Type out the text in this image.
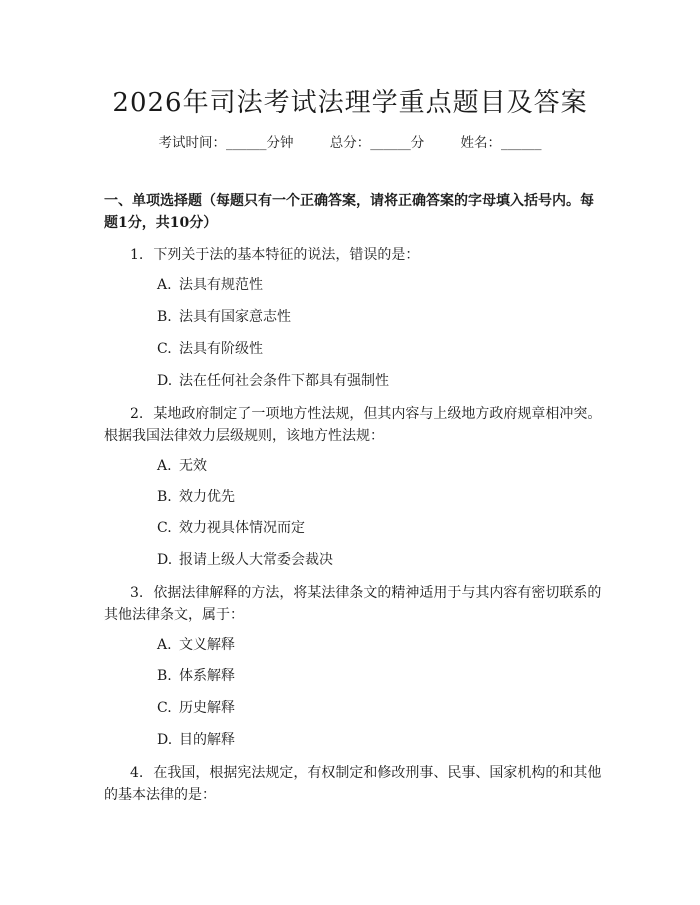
2026年司法考试法理学重点题目及答案
考试时间：______分钟	总分：______分	姓名：______
一、单项选择题（每题只有一个正确答案，请将正确答案的字母填入括号内。每题1分，共10分）
1. 下列关于法的基本特征的说法，错误的是：
A. 法具有规范性
B. 法具有国家意志性
C. 法具有阶级性
D. 法在任何社会条件下都具有强制性
2. 某地政府制定了一项地方性法规，但其内容与上级地方政府规章相冲突。根据我国法律效力层级规则，该地方性法规：
A. 无效
B. 效力优先
C. 效力视具体情况而定
D. 报请上级人大常委会裁决
3. 依据法律解释的方法，将某法律条文的精神适用于与其内容有密切联系的其他法律条文，属于：
A. 文义解释
B. 体系解释
C. 历史解释
D. 目的解释
4. 在我国，根据宪法规定，有权制定和修改刑事、民事、国家机构的和其他的基本法律的是：
